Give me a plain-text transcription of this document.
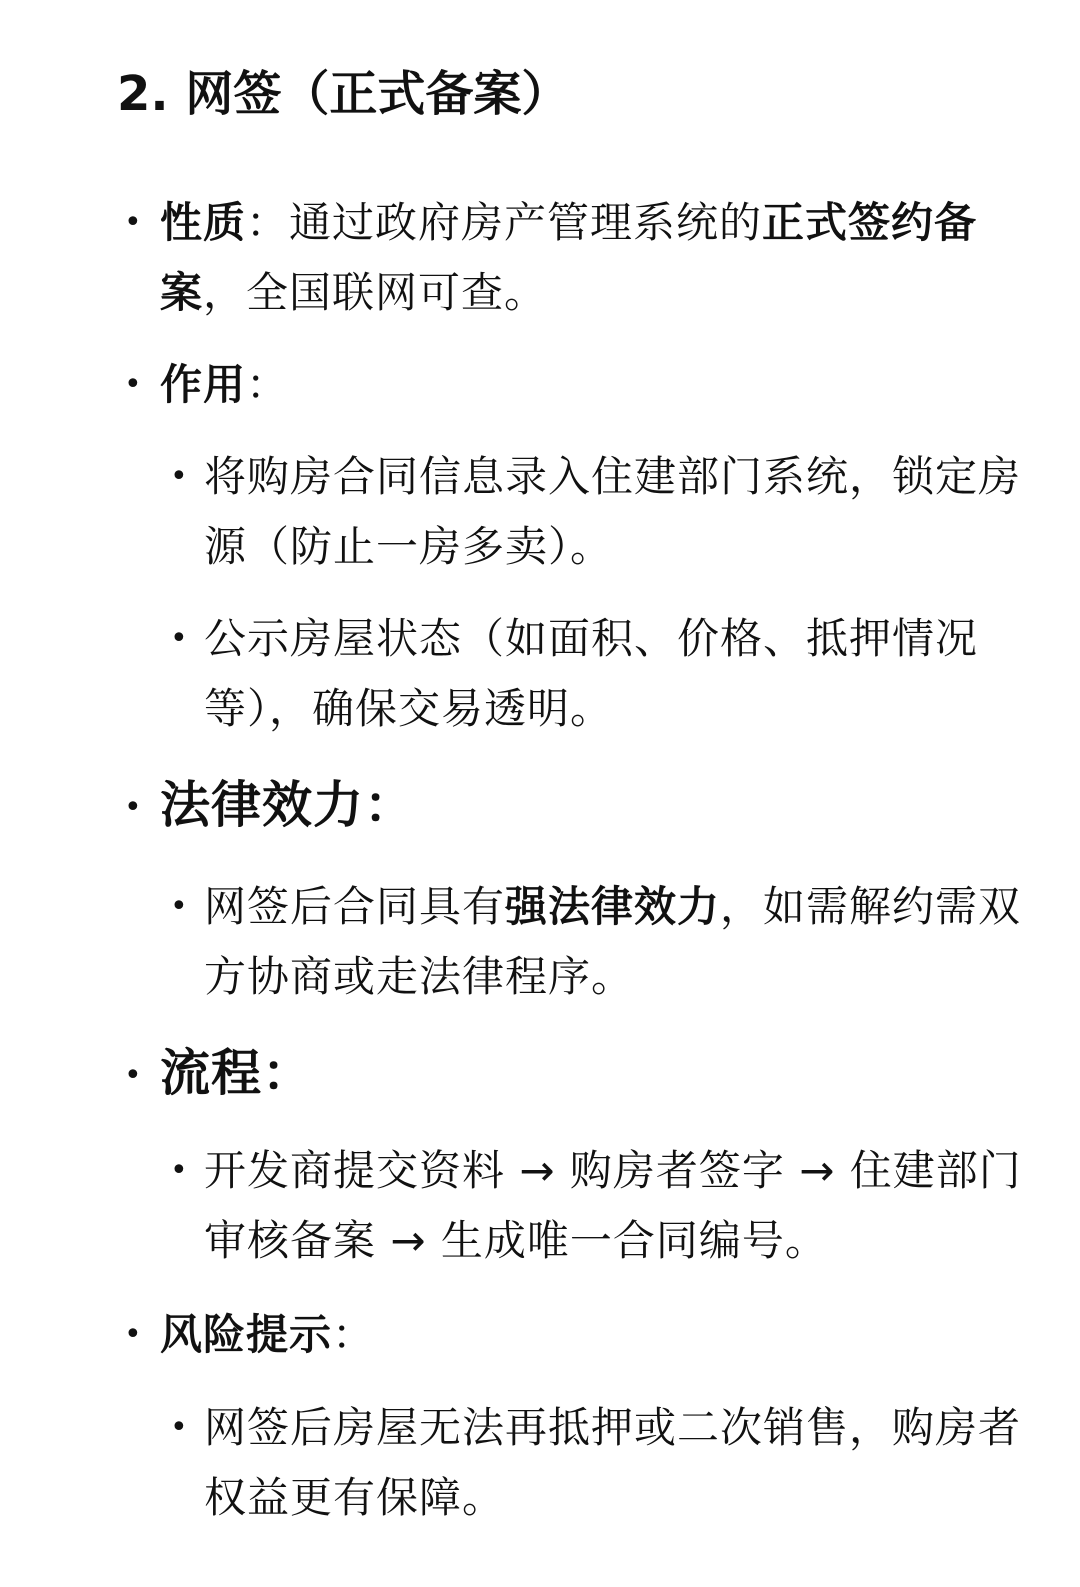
2. 网签（正式备案）
• 性质：通过政府房产管理系统的正式签约备案，全国联网可查。
• 作用：
• 将购房合同信息录入住建部门系统，锁定房源（防止一房多卖）。
• 公示房屋状态（如面积、价格、抵押情况等），确保交易透明。
• 法律效力：
• 网签后合同具有强法律效力，如需解约需双方协商或走法律程序。
• 流程：
• 开发商提交资料 → 购房者签字 → 住建部门审核备案 → 生成唯一合同编号。
• 风险提示：
• 网签后房屋无法再抵押或二次销售，购房者权益更有保障。
